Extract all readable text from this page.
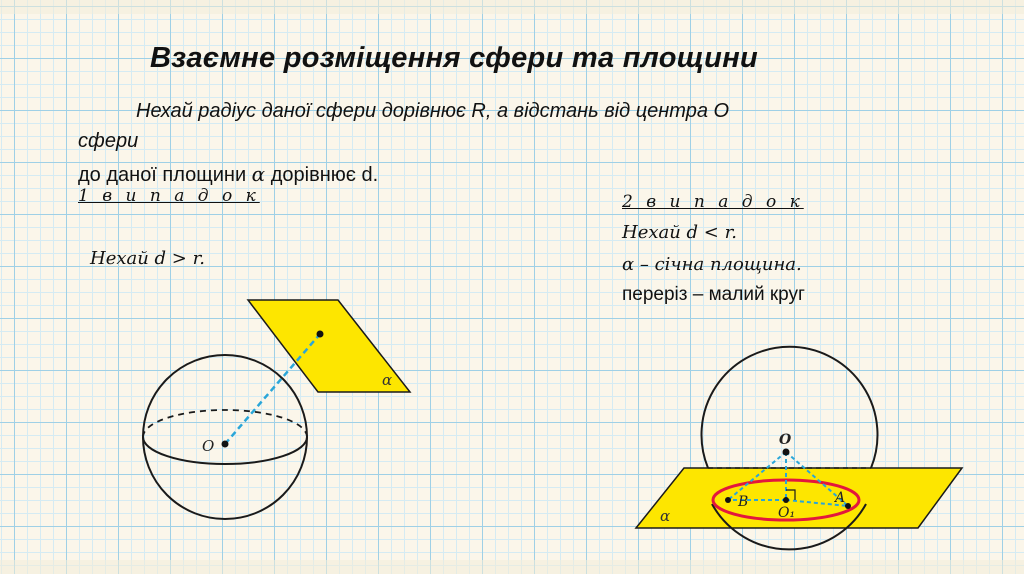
Взаємне розміщення сфери та площини
Нехай радіус даної сфери дорівнює R, а відстань від центра O
сфери
до даної площини α дорівнює d.
1 в и п а д о к
Нехай d > r.
2 в и п а д о к
Нехай d < r.
α – січна площина.
переріз – малий круг
O
α
O
O₁
A
B
α
